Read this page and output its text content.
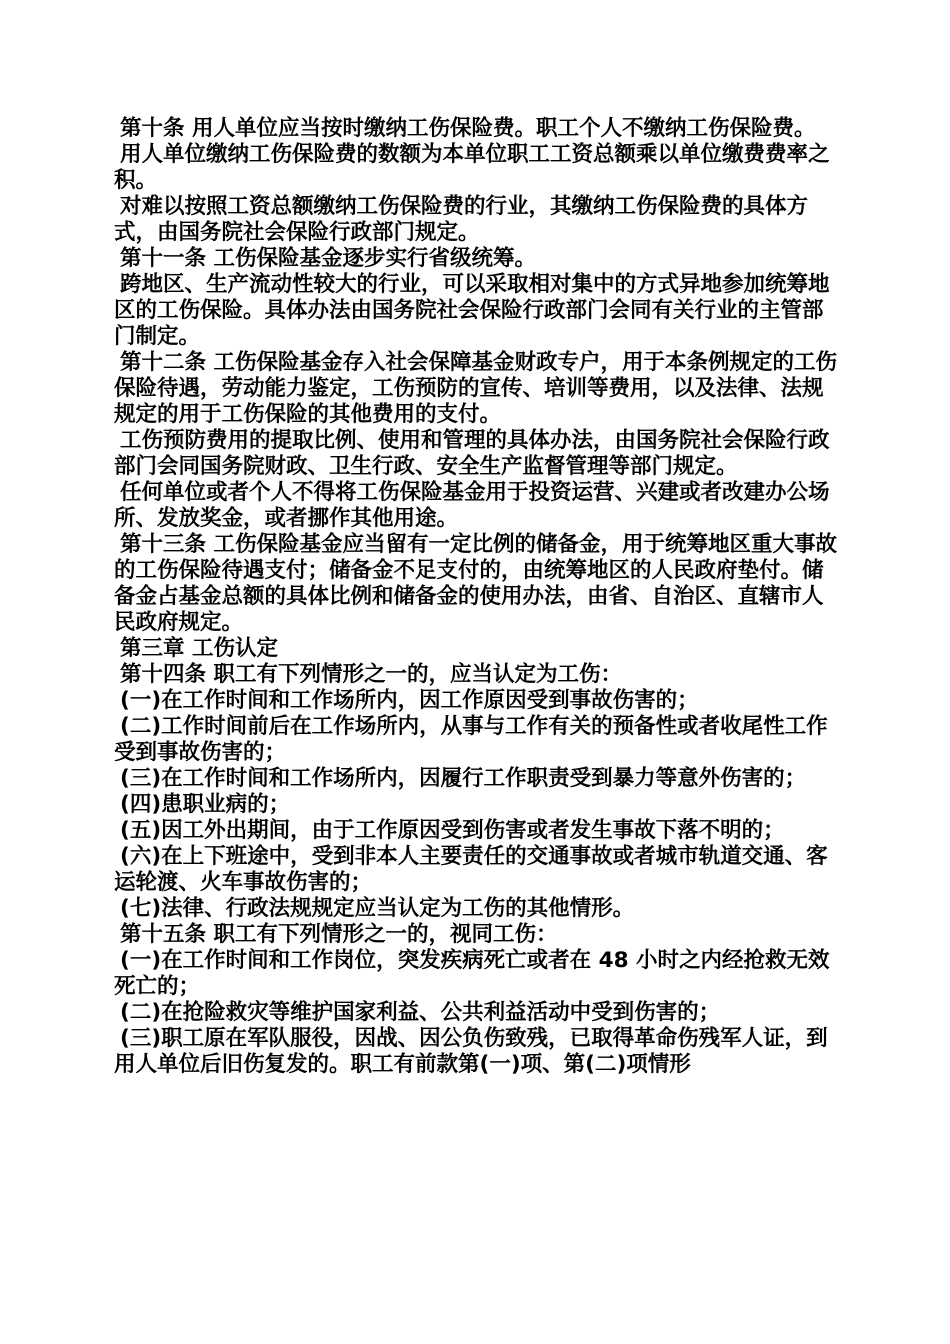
第十条 用人单位应当按时缴纳工伤保险费。职工个人不缴纳工伤保险费。

用人单位缴纳工伤保险费的数额为本单位职工工资总额乘以单位缴费费率之积。

对难以按照工资总额缴纳工伤保险费的行业，其缴纳工伤保险费的具体方式，由国务院社会保险行政部门规定。

第十一条 工伤保险基金逐步实行省级统筹。

跨地区、生产流动性较大的行业，可以采取相对集中的方式异地参加统筹地区的工伤保险。具体办法由国务院社会保险行政部门会同有关行业的主管部门制定。

第十二条 工伤保险基金存入社会保障基金财政专户，用于本条例规定的工伤保险待遇，劳动能力鉴定，工伤预防的宣传、培训等费用，以及法律、法规规定的用于工伤保险的其他费用的支付。

工伤预防费用的提取比例、使用和管理的具体办法，由国务院社会保险行政部门会同国务院财政、卫生行政、安全生产监督管理等部门规定。

任何单位或者个人不得将工伤保险基金用于投资运营、兴建或者改建办公场所、发放奖金，或者挪作其他用途。

第十三条 工伤保险基金应当留有一定比例的储备金，用于统筹地区重大事故的工伤保险待遇支付；储备金不足支付的，由统筹地区的人民政府垫付。储备金占基金总额的具体比例和储备金的使用办法，由省、自治区、直辖市人民政府规定。

第三章 工伤认定

第十四条 职工有下列情形之一的，应当认定为工伤：

(一)在工作时间和工作场所内，因工作原因受到事故伤害的；

(二)工作时间前后在工作场所内，从事与工作有关的预备性或者收尾性工作受到事故伤害的；

(三)在工作时间和工作场所内，因履行工作职责受到暴力等意外伤害的；

(四)患职业病的；

(五)因工外出期间，由于工作原因受到伤害或者发生事故下落不明的；

(六)在上下班途中，受到非本人主要责任的交通事故或者城市轨道交通、客运轮渡、火车事故伤害的；

(七)法律、行政法规规定应当认定为工伤的其他情形。

第十五条 职工有下列情形之一的，视同工伤：

(一)在工作时间和工作岗位，突发疾病死亡或者在 48 小时之内经抢救无效死亡的；

(二)在抢险救灾等维护国家利益、公共利益活动中受到伤害的；

(三)职工原在军队服役，因战、因公负伤致残，已取得革命伤残军人证，到用人单位后旧伤复发的。职工有前款第(一)项、第(二)项情形
